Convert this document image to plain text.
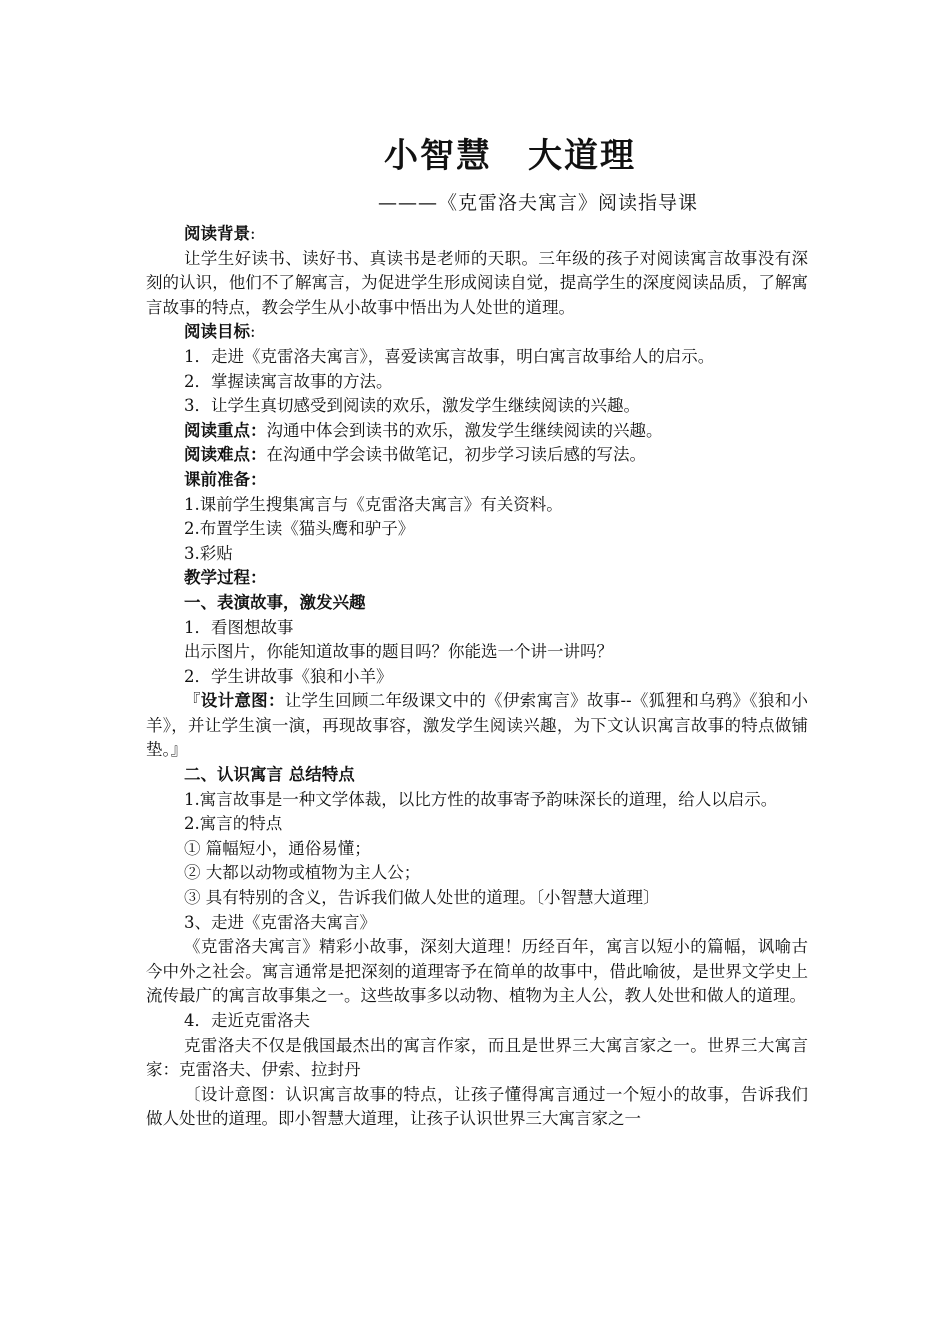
小智慧　大道理
———《克雷洛夫寓言》阅读指导课

阅读背景:

让学生好读书、读好书、真读书是老师的天职。三年级的孩子对阅读寓言故事没有深刻的认识，他们不了解寓言，为促进学生形成阅读自觉，提高学生的深度阅读品质，了解寓言故事的特点，教会学生从小故事中悟出为人处世的道理。

阅读目标:

1．走进《克雷洛夫寓言》，喜爱读寓言故事，明白寓言故事给人的启示。

2．掌握读寓言故事的方法。

3．让学生真切感受到阅读的欢乐，激发学生继续阅读的兴趣。

阅读重点：沟通中体会到读书的欢乐，激发学生继续阅读的兴趣。

阅读难点：在沟通中学会读书做笔记，初步学习读后感的写法。

课前准备：

1.课前学生搜集寓言与《克雷洛夫寓言》有关资料。

2.布置学生读《猫头鹰和驴子》

3.彩贴

教学过程：

一、表演故事，激发兴趣

1．看图想故事

出示图片，你能知道故事的题目吗？你能选一个讲一讲吗？

2．学生讲故事《狼和小羊》

『设计意图：让学生回顾二年级课文中的《伊索寓言》故事--《狐狸和乌鸦》《狼和小羊》，并让学生演一演，再现故事容，激发学生阅读兴趣，为下文认识寓言故事的特点做铺垫。』

二、认识寓言 总结特点

1.寓言故事是一种文学体裁，以比方性的故事寄予韵味深长的道理，给人以启示。

2.寓言的特点

① 篇幅短小，通俗易懂；

② 大都以动物或植物为主人公；

③ 具有特别的含义，告诉我们做人处世的道理。〔小智慧大道理〕

3、走进《克雷洛夫寓言》

《克雷洛夫寓言》精彩小故事，深刻大道理！历经百年，寓言以短小的篇幅，讽喻古今中外之社会。寓言通常是把深刻的道理寄予在简单的故事中，借此喻彼，是世界文学史上流传最广的寓言故事集之一。这些故事多以动物、植物为主人公，教人处世和做人的道理。

4．走近克雷洛夫

克雷洛夫不仅是俄国最杰出的寓言作家，而且是世界三大寓言家之一。世界三大寓言家：克雷洛夫、伊索、拉封丹

〔设计意图：认识寓言故事的特点，让孩子懂得寓言通过一个短小的故事，告诉我们做人处世的道理。即小智慧大道理，让孩子认识世界三大寓言家之一
